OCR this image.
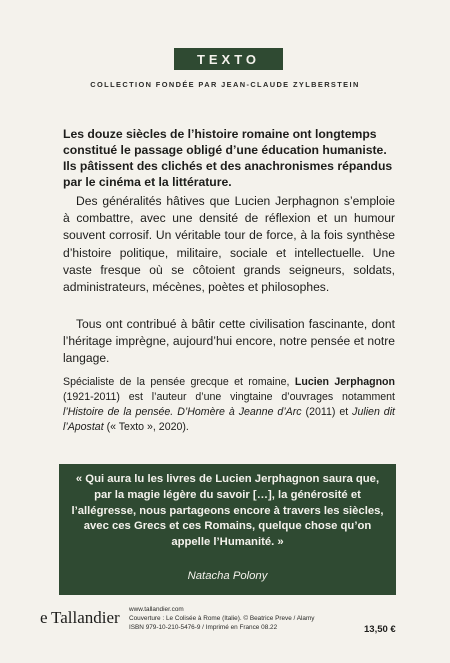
TEXTO
COLLECTION FONDÉE PAR JEAN-CLAUDE ZYLBERSTEIN

Les douze siècles de l’histoire romaine ont longtemps constitué le passage obligé d’une éducation humaniste. Ils pâtissent des clichés et des anachronismes répandus par le cinéma et la littérature.

Des généralités hâtives que Lucien Jerphagnon s’emploie à combattre, avec une densité de réflexion et un humour souvent corrosif. Un véritable tour de force, à la fois synthèse d’histoire politique, militaire, sociale et intellectuelle. Une vaste fresque où se côtoient grands seigneurs, soldats, administrateurs, mécènes, poètes et philosophes.

Tous ont contribué à bâtir cette civilisation fascinante, dont l’héritage imprègne, aujourd’hui encore, notre pensée et notre langage.

Spécialiste de la pensée grecque et romaine, Lucien Jerphagnon (1921-2011) est l’auteur d’une vingtaine d’ouvrages notamment l’Histoire de la pensée. D’Homère à Jeanne d’Arc (2011) et Julien dit l’Apostat (« Texto », 2020).

« Qui aura lu les livres de Lucien Jerphagnon saura que, par la magie légère du savoir […], la générosité et l’allégresse, nous partageons encore à travers les siècles, avec ces Grecs et ces Romains, quelque chose qu’on appelle l’Humanité. »

Natacha Polony
e Tallandier www.tallandier.com
Couverture : Le Colisée à Rome (Italie). © Beatrice Preve / Alamy
ISBN 979-10-210-5476-9 / Imprimé en France 08.22	13,50 €
